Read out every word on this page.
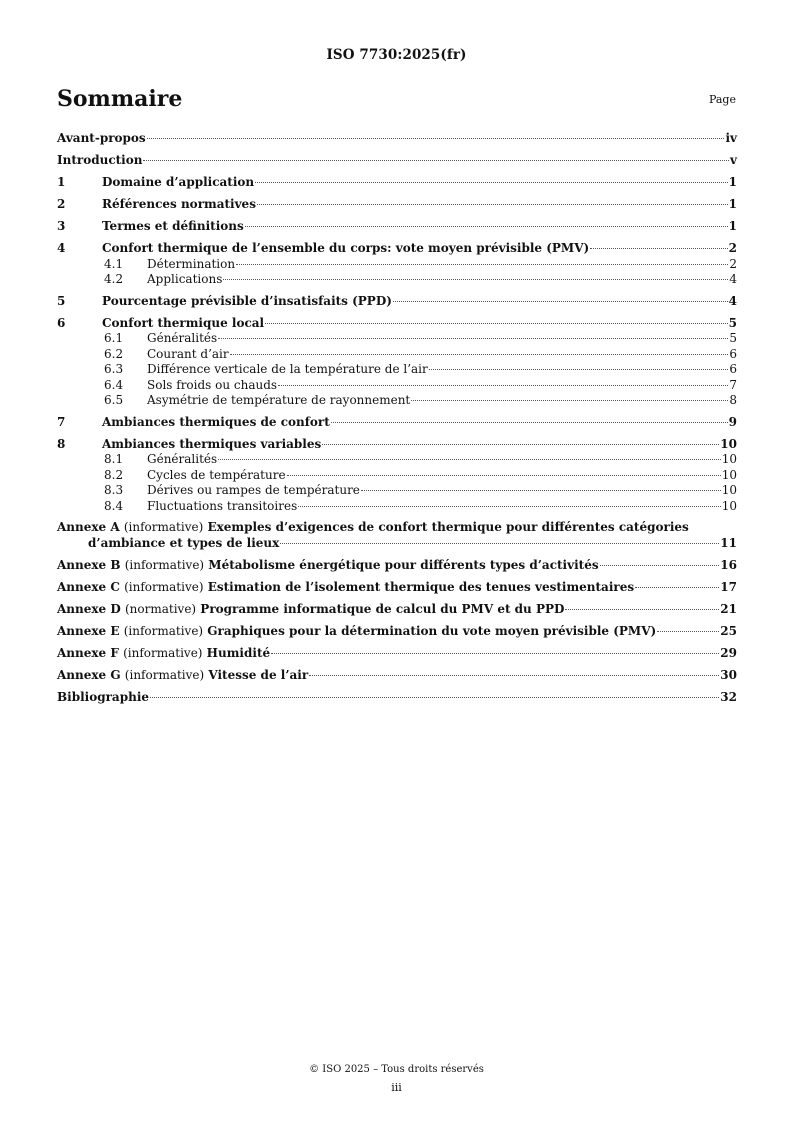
ISO 7730:2025(fr)
Sommaire	Page
Avant-propos	iv
Introduction	v
1	Domaine d’application	1
2	Références normatives	1
3	Termes et définitions	1
4	Confort thermique de l’ensemble du corps: vote moyen prévisible (PMV)	2
4.1	Détermination	2
4.2	Applications	4
5	Pourcentage prévisible d’insatisfaits (PPD)	4
6	Confort thermique local	5
6.1	Généralités	5
6.2	Courant d’air	6
6.3	Différence verticale de la température de l’air	6
6.4	Sols froids ou chauds	7
6.5	Asymétrie de température de rayonnement	8
7	Ambiances thermiques de confort	9
8	Ambiances thermiques variables	10
8.1	Généralités	10
8.2	Cycles de température	10
8.3	Dérives ou rampes de température	10
8.4	Fluctuations transitoires	10
Annexe A (informative) Exemples d’exigences de confort thermique pour différentes catégories
d’ambiance et types de lieux	11
Annexe B (informative) Métabolisme énergétique pour différents types d’activités	16
Annexe C (informative) Estimation de l’isolement thermique des tenues vestimentaires	17
Annexe D (normative) Programme informatique de calcul du PMV et du PPD	21
Annexe E (informative) Graphiques pour la détermination du vote moyen prévisible (PMV)	25
Annexe F (informative) Humidité	29
Annexe G (informative) Vitesse de l’air	30
Bibliographie	32
© ISO 2025 – Tous droits réservés
iii
